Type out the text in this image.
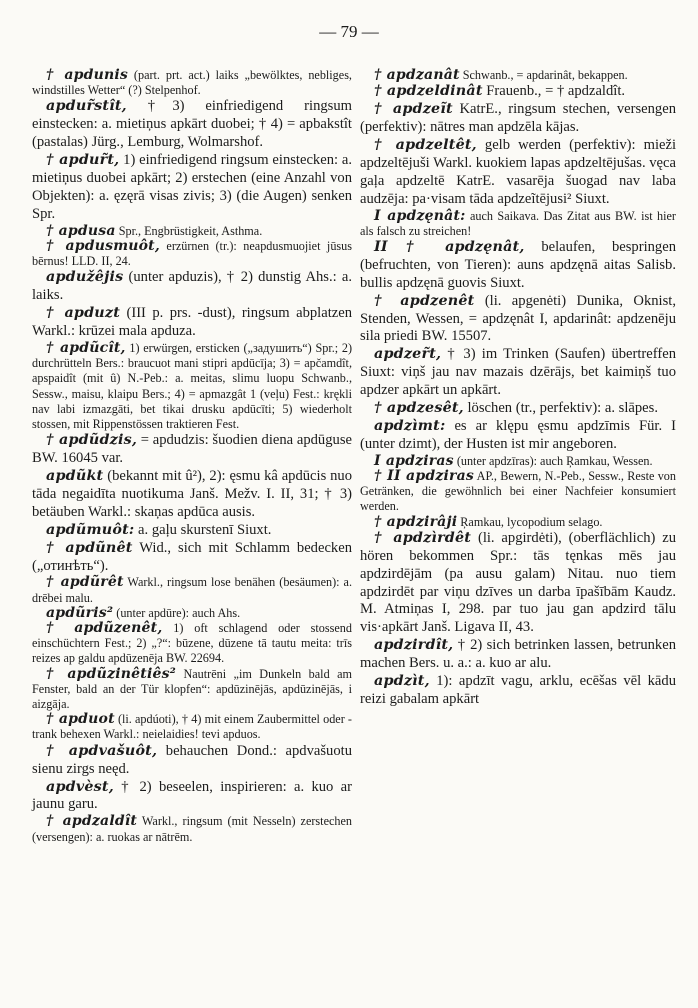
— 79 —

† apdunis (part. prt. act.) laiks „bewölktes, nebliges, windstilles Wetter“ (?) Stelpenhof.

apdur̃stît, †3) einfriedigend ringsum einstecken: a. mietiņus apkārt duobei; † 4) = apbakstît (pastalas) Jürg., Lemburg, Wolmarshof.

† apdur̃t, 1) einfriedigend ringsum einstecken: a. mietiņus duobei apkārt; 2) erstechen (eine Anzahl von Objekten): a. ęzęrā visas zivis; 3) (die Augen) senken Spr.

† apdusa Spr., Engbrüstigkeit, Asthma.

† apdusmuôt, erzürnen (tr.): neapdusmuojiet jūsus bērnus! LLD. II, 24.

apdužêjis (unter apduzis), † 2) dunstig Ahs.: a. laiks.

† apduzt (III p. prs. -dust), ringsum abplatzen Warkl.: krūzei mala apduza.

† apdũcît, 1) erwürgen, ersticken („задушить“) Spr.; 2) durchrütteln Bers.: braucuot mani stipri apdūcīja; 3) = apčamdît, apspaidît (mit û) N.-Peb.: a. meitas, slimu luopu Schwanb., Sessw., maisu, klaipu Bers.; 4) = apmazgât 1 (veļu) Fest.: krękli nav labi izmazgāti, bet tikai drusku apdūcīti; 5) wiederholt stossen, mit Rippenstössen traktieren Fest.

† apdũdzis, = apdudzis: šuodien diena apdūguse BW. 16045 var.

apdũkt (bekannt mit û²), 2): ęsmu kâ apdūcis nuo tāda negaidīta nuotikuma Janš. Mežv. I. II, 31; † 3) betäuben Warkl.: skaņas apdūca ausis.

apdũmuôt: a. gaļu skurstenī Siuxt.

† apdũnêt Wid., sich mit Schlamm bedecken („отинѣть“).

† apdũrêt Warkl., ringsum lose benähen (besäumen): a. drēbei malu.

apdũris² (unter apdūre): auch Ahs.

† apdũzenêt, 1) oft schlagend oder stossend einschüchtern Fest.; 2) „?“: būzene, dūzene tā tautu meita: trīs reizes ap galdu apdūzenēja BW. 22694.

† apdũzinêtiês² Nautrēni „im Dunkeln bald am Fenster, bald an der Tür klopfen“: apdūzinējās, apdūzinējās, i aizgāja.

† apduot (li. apdúoti), † 4) mit einem Zaubermittel oder -trank behexen Warkl.: neielaidies! tevi apduos.

† apdvašuôt, behauchen Dond.: apdvašuotu sienu zirgs neęd.

apdvèst, † 2) beseelen, inspirieren: a. kuo ar jaunu garu.

† apdzaldît Warkl., ringsum (mit Nesseln) zerstechen (versengen): a. ruokas ar nātrēm.

† apdzanât Schwanb., = apdarinât, bekappen.

† apdzeldinât Frauenb., = † apdzaldît.

† apdzeĩt KatrE., ringsum stechen, versengen (perfektiv): nātres man apdzēla kājas.

† apdzeltêt, gelb werden (perfektiv): mieži apdzeltējuši Warkl. kuokiem lapas apdzeltējušas. vęca gaļa apdzeltē KatrE. vasarēja šuogad nav laba audzēja: pa·visam tāda apdzeĩtējusi² Siuxt.

I apdzęnât: auch Saikava. Das Zitat aus BW. ist hier als falsch zu streichen!

II † apdzęnât, belaufen, bespringen (befruchten, von Tieren): auns apdzęnā aitas Salisb. bullis apdzęnā guovis Siuxt.

† apdzenêt (li. apgenėti) Dunika, Oknist, Stenden, Wessen, = apdzęnât I, apdarinât: apdzenēju sila priedi BW. 15507.

apdzer̃t, † 3) im Trinken (Saufen) übertreffen Siuxt: viņš jau nav mazais dzērājs, bet kaimiņš tuo apdzer apkārt un apkārt.

† apdzesêt, löschen (tr., perfektiv): a. slāpes.

apdzìmt: es ar klępu ęsmu apdzīmis Für. I (unter dzimt), der Husten ist mir angeboren.

I apdziras (unter apdzīras): auch Ŗamkau, Wessen.

† II apdziras AP., Bewern, N.-Peb., Sessw., Reste von Getränken, die gewöhnlich bei einer Nachfeier konsumiert werden.

† apdzirâji Ŗamkau, lycopodium selago.

† apdzìrdêt (li. apgirdėti), (oberflächlich) zu hören bekommen Spr.: tās tęnkas mēs jau apdzirdējām (pa ausu galam) Nitau. nuo tiem apdzirdēt par viņu dzīves un darba īpašībām Kaudz. M. Atmiņas I, 298. par tuo jau gan apdzird tālu vis·apkārt Janš. Ligava II, 43.

apdzirdît, † 2) sich betrinken lassen, betrunken machen Bers. u. a.: a. kuo ar alu.

apdzìt, 1): apdzīt vagu, arklu, ecēšas vēl kādu reizi gabalam apkārt
